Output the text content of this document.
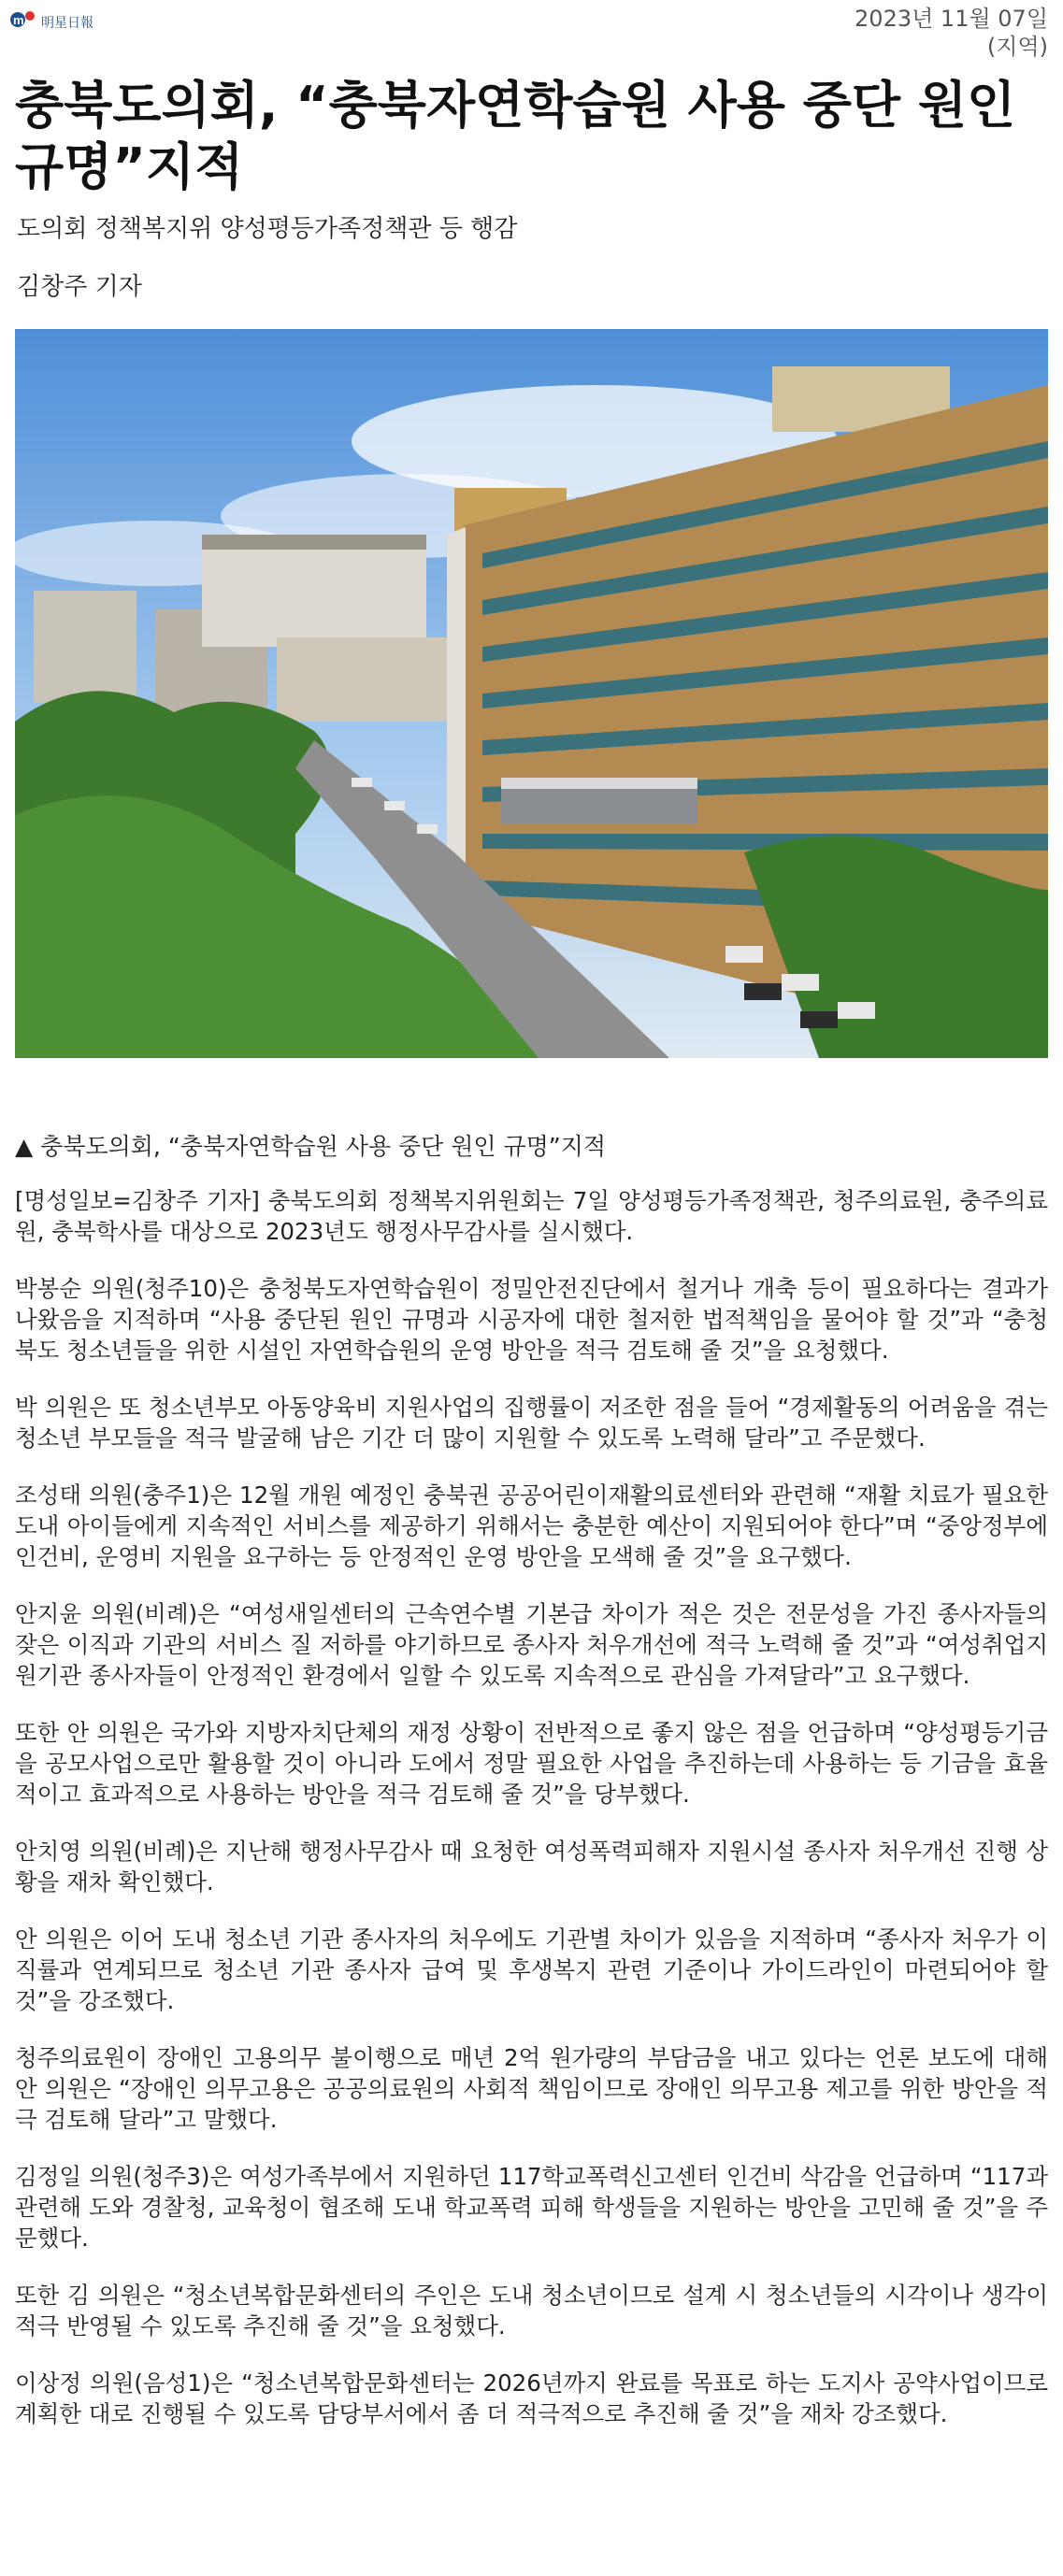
m 明星日報	2023년 11월 07일
(지역)
충북도의회, “충북자연학습원 사용 중단 원인 규명”지적
도의회 정책복지위 양성평등가족정책관 등 행감
김창주 기자
▲ 충북도의회, “충북자연학습원 사용 중단 원인 규명”지적

[명성일보=김창주 기자] 충북도의회 정책복지위원회는 7일 양성평등가족정책관, 청주의료원, 충주의료원, 충북학사를 대상으로 2023년도 행정사무감사를 실시했다.

박봉순 의원(청주10)은 충청북도자연학습원이 정밀안전진단에서 철거나 개축 등이 필요하다는 결과가 나왔음을 지적하며 “사용 중단된 원인 규명과 시공자에 대한 철저한 법적책임을 물어야 할 것”과 “충청북도 청소년들을 위한 시설인 자연학습원의 운영 방안을 적극 검토해 줄 것”을 요청했다.

박 의원은 또 청소년부모 아동양육비 지원사업의 집행률이 저조한 점을 들어 “경제활동의 어려움을 겪는 청소년 부모들을 적극 발굴해 남은 기간 더 많이 지원할 수 있도록 노력해 달라”고 주문했다.

조성태 의원(충주1)은 12월 개원 예정인 충북권 공공어린이재활의료센터와 관련해 “재활 치료가 필요한 도내 아이들에게 지속적인 서비스를 제공하기 위해서는 충분한 예산이 지원되어야 한다”며 “중앙정부에 인건비, 운영비 지원을 요구하는 등 안정적인 운영 방안을 모색해 줄 것”을 요구했다.

안지윤 의원(비례)은 “여성새일센터의 근속연수별 기본급 차이가 적은 것은 전문성을 가진 종사자들의 잦은 이직과 기관의 서비스 질 저하를 야기하므로 종사자 처우개선에 적극 노력해 줄 것”과 “여성취업지원기관 종사자들이 안정적인 환경에서 일할 수 있도록 지속적으로 관심을 가져달라”고 요구했다.

또한 안 의원은 국가와 지방자치단체의 재정 상황이 전반적으로 좋지 않은 점을 언급하며 “양성평등기금을 공모사업으로만 활용할 것이 아니라 도에서 정말 필요한 사업을 추진하는데 사용하는 등 기금을 효율적이고 효과적으로 사용하는 방안을 적극 검토해 줄 것”을 당부했다.

안치영 의원(비례)은 지난해 행정사무감사 때 요청한 여성폭력피해자 지원시설 종사자 처우개선 진행 상황을 재차 확인했다.

안 의원은 이어 도내 청소년 기관 종사자의 처우에도 기관별 차이가 있음을 지적하며 “종사자 처우가 이직률과 연계되므로 청소년 기관 종사자 급여 및 후생복지 관련 기준이나 가이드라인이 마련되어야 할 것”을 강조했다.

청주의료원이 장애인 고용의무 불이행으로 매년 2억 원가량의 부담금을 내고 있다는 언론 보도에 대해 안 의원은 “장애인 의무고용은 공공의료원의 사회적 책임이므로 장애인 의무고용 제고를 위한 방안을 적극 검토해 달라”고 말했다.

김정일 의원(청주3)은 여성가족부에서 지원하던 117학교폭력신고센터 인건비 삭감을 언급하며 “117과 관련해 도와 경찰청, 교육청이 협조해 도내 학교폭력 피해 학생들을 지원하는 방안을 고민해 줄 것”을 주문했다.

또한 김 의원은 “청소년복합문화센터의 주인은 도내 청소년이므로 설계 시 청소년들의 시각이나 생각이 적극 반영될 수 있도록 추진해 줄 것”을 요청했다.

이상정 의원(음성1)은 “청소년복합문화센터는 2026년까지 완료를 목표로 하는 도지사 공약사업이므로 계획한 대로 진행될 수 있도록 담당부서에서 좀 더 적극적으로 추진해 줄 것”을 재차 강조했다.
